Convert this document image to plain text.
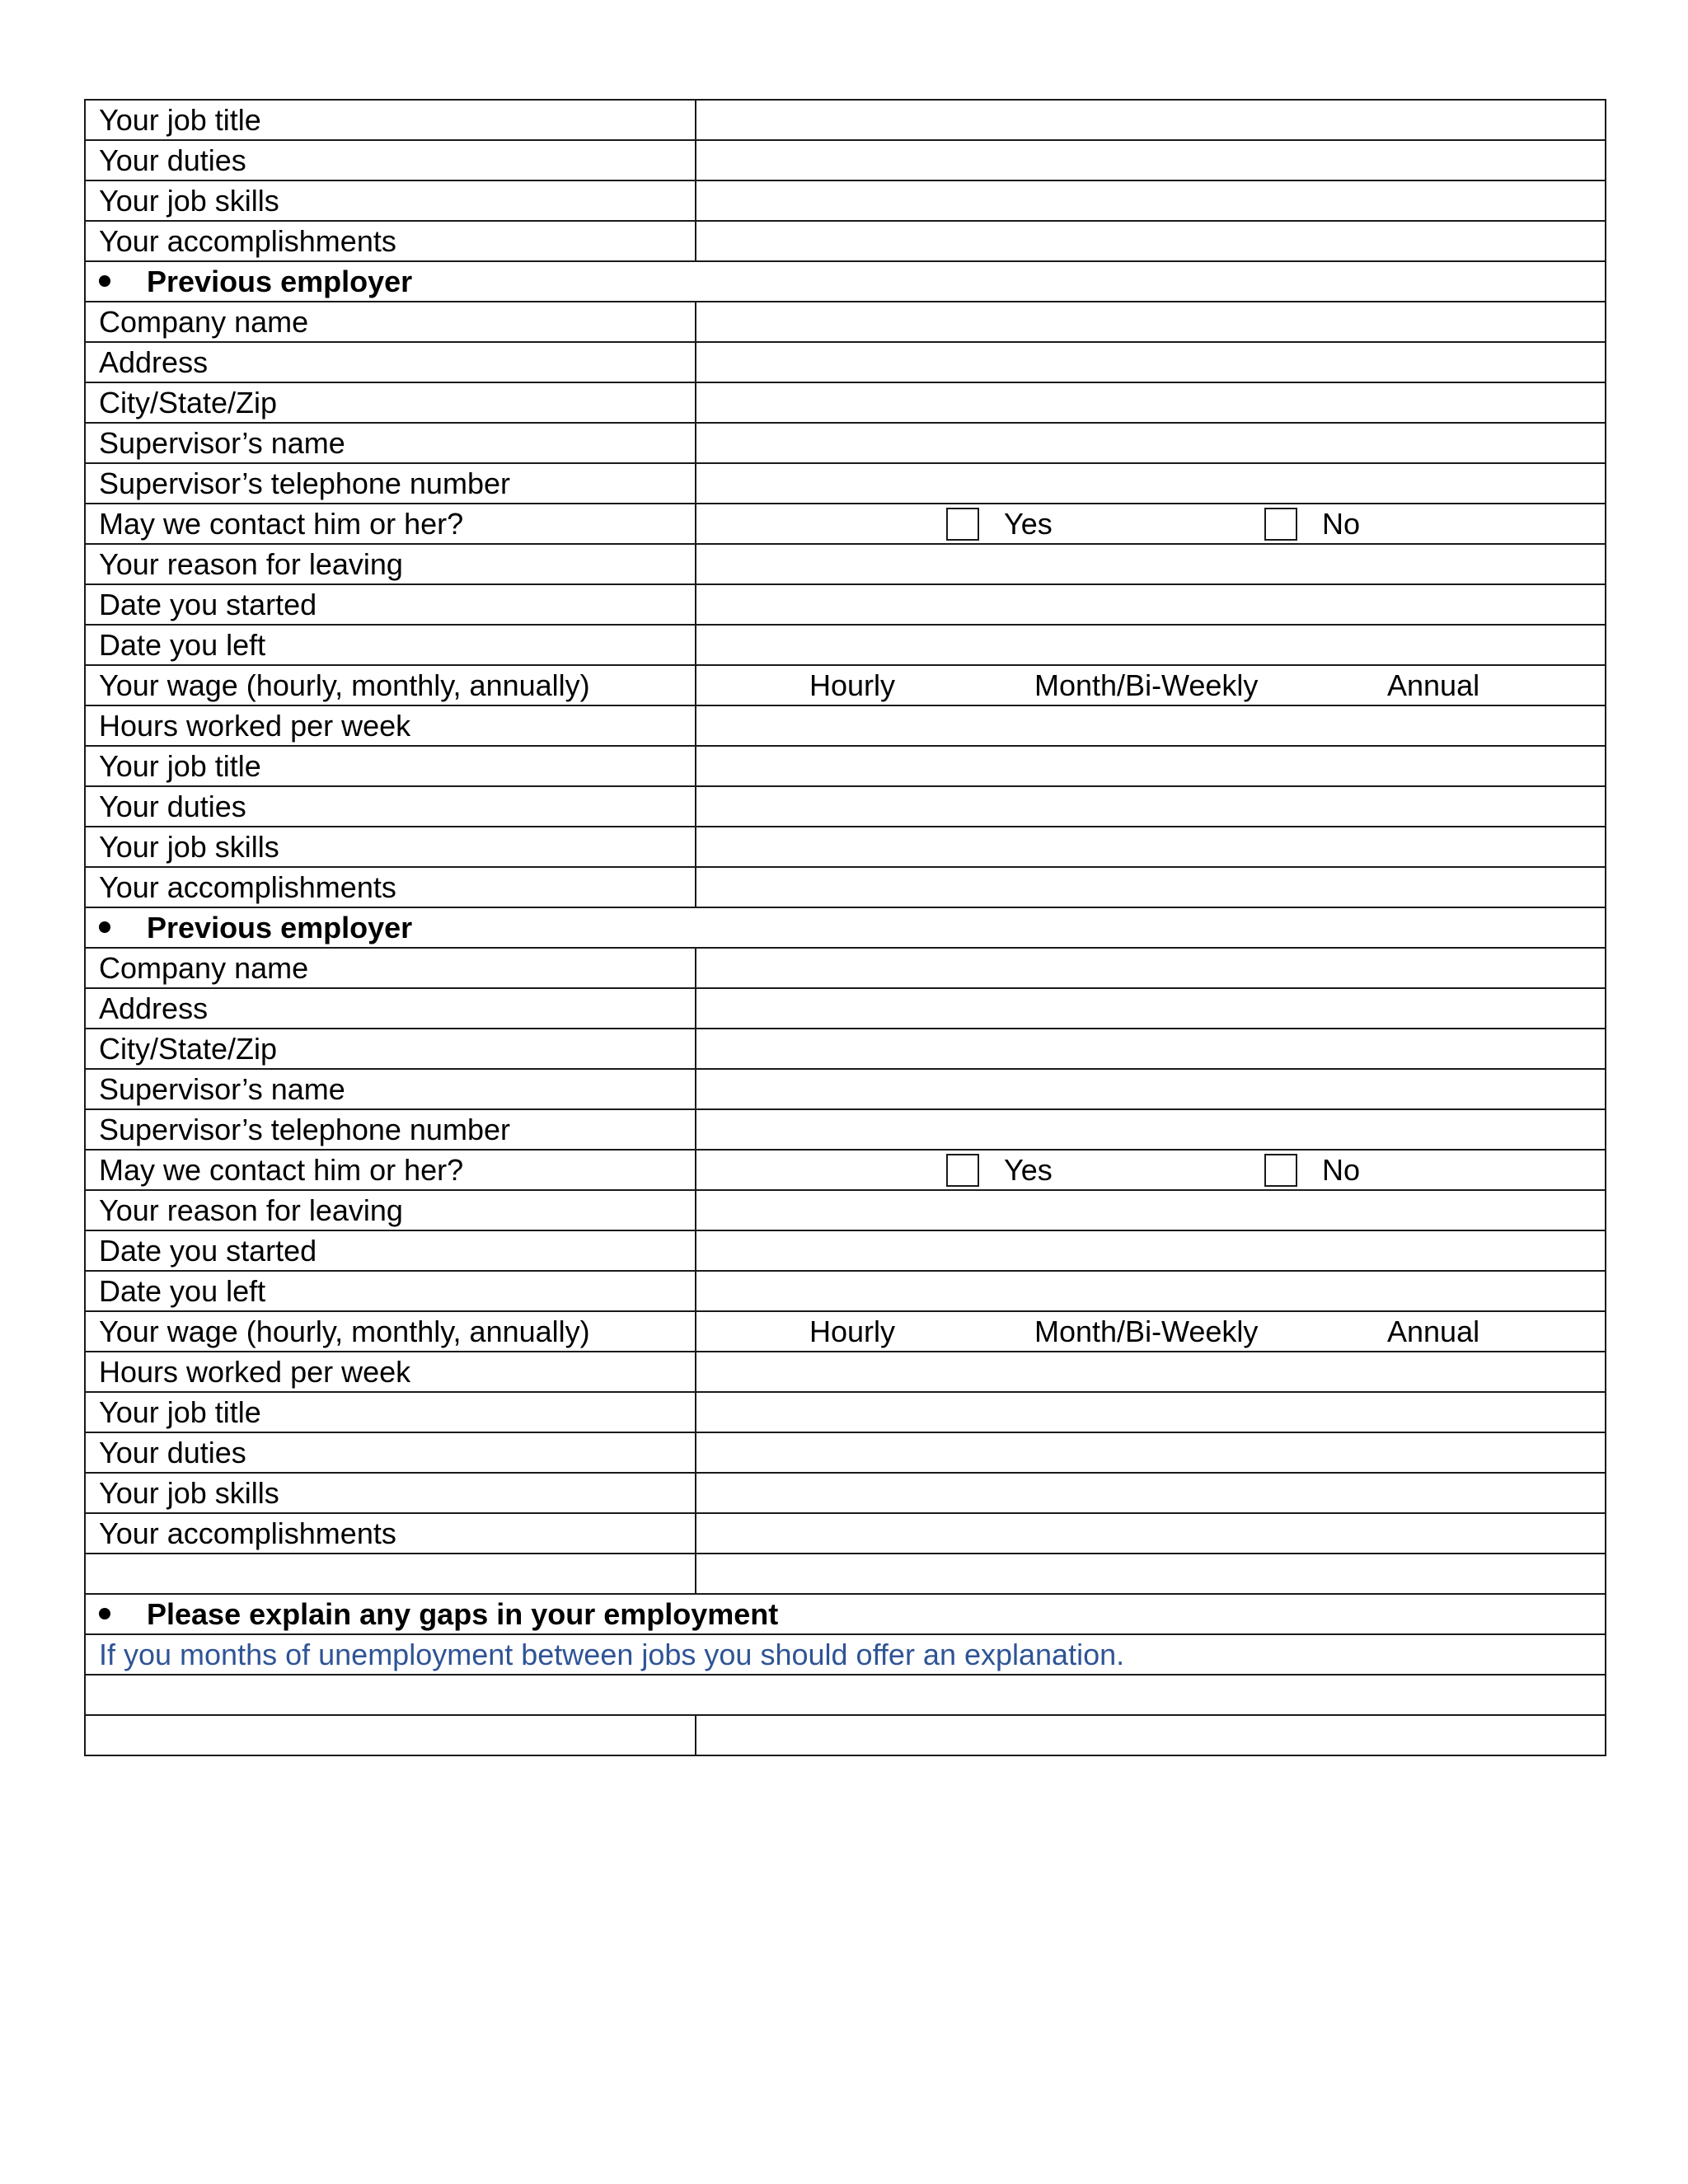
Your job title	
Your duties	
Your job skills	
Your accomplishments	
Previous employer	
Company name	
Address	
City/State/Zip	
Supervisor’s name	
Supervisor’s telephone number	
May we contact him or her?	Yes No

Your reason for leaving	
Date you started	
Date you left	
Your wage (hourly, monthly, annually)	Hourly Month/Bi-Weekly Annual

Hours worked per week	
Your job title	
Your duties	
Your job skills	
Your accomplishments	
Previous employer	
Company name	
Address	
City/State/Zip	
Supervisor’s name	
Supervisor’s telephone number	
May we contact him or her?	Yes No

Your reason for leaving	
Date you started	
Date you left	
Your wage (hourly, monthly, annually)	Hourly Month/Bi-Weekly Annual

Hours worked per week	
Your job title	
Your duties	
Your job skills	
Your accomplishments	

Please explain any gaps in your employment	
If you months of unemployment between jobs you should offer an explanation.	
